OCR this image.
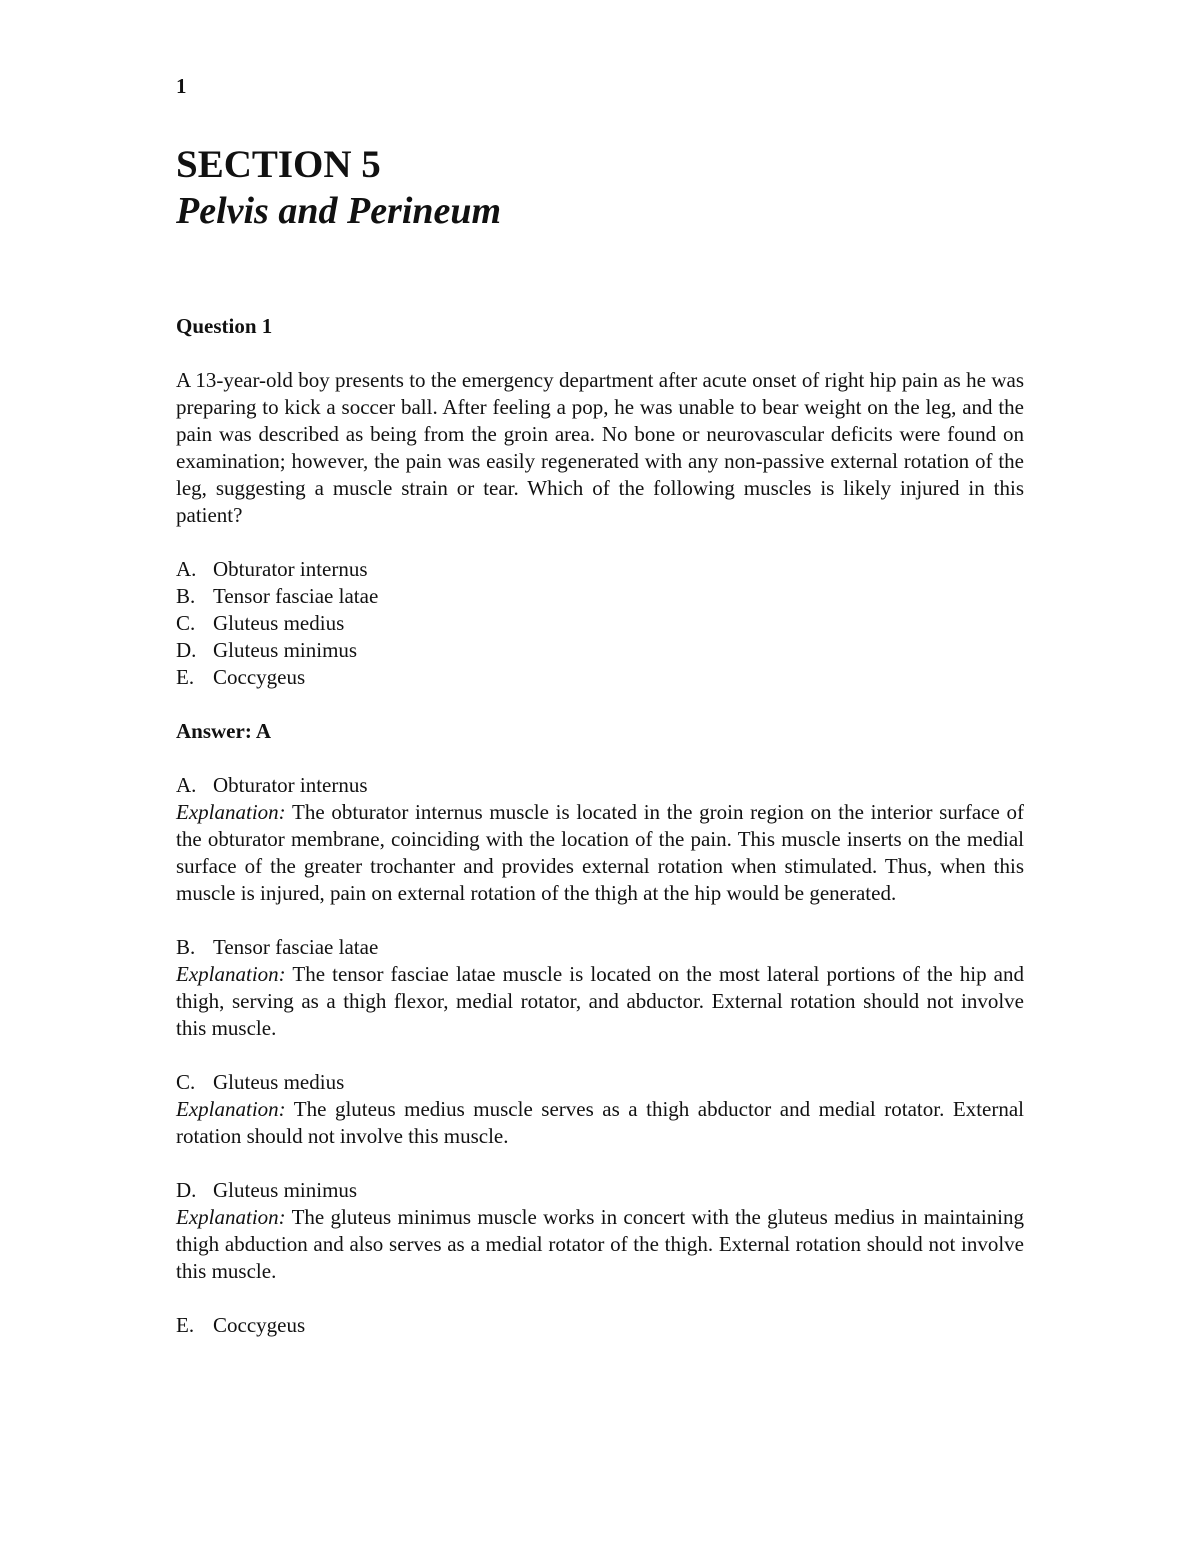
1
SECTION 5
Pelvis and Perineum

Question 1

A 13-year-old boy presents to the emergency department after acute onset of right hip pain as he was preparing to kick a soccer ball. After feeling a pop, he was unable to bear weight on the leg, and the pain was described as being from the groin area. No bone or neurovascular deficits were found on examination; however, the pain was easily regenerated with any non-passive external rotation of the leg, suggesting a muscle strain or tear. Which of the following muscles is likely injured in this patient?

A. Obturator internus
B. Tensor fasciae latae
C. Gluteus medius
D. Gluteus minimus
E. Coccygeus

Answer: A

A. Obturator internus
Explanation: The obturator internus muscle is located in the groin region on the interior surface of the obturator membrane, coinciding with the location of the pain. This muscle inserts on the medial surface of the greater trochanter and provides external rotation when stimulated. Thus, when this muscle is injured, pain on external rotation of the thigh at the hip would be generated.
B. Tensor fasciae latae
Explanation: The tensor fasciae latae muscle is located on the most lateral portions of the hip and thigh, serving as a thigh flexor, medial rotator, and abductor. External rotation should not involve this muscle.
C. Gluteus medius
Explanation: The gluteus medius muscle serves as a thigh abductor and medial rotator. External rotation should not involve this muscle.
D. Gluteus minimus
Explanation: The gluteus minimus muscle works in concert with the gluteus medius in maintaining thigh abduction and also serves as a medial rotator of the thigh. External rotation should not involve this muscle.
E. Coccygeus
